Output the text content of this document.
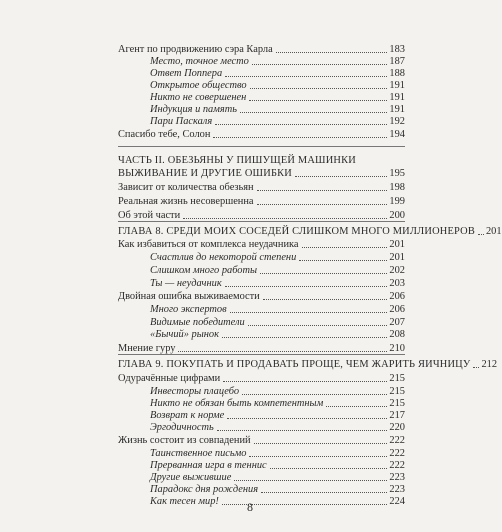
Агент по продвижению сэра Карла	183
Место, точное место	187
Ответ Поппера	188
Открытое общество	191
Никто не совершенен	191
Индукция и память	191
Пари Паскаля	192
Спасибо тебе, Солон	194
ЧАСТЬ II. ОБЕЗЬЯНЫ У ПИШУЩЕЙ МАШИНКИ
ВЫЖИВАНИЕ И ДРУГИЕ ОШИБКИ	195
Зависит от количества обезьян	198
Реальная жизнь несовершенна	199
Об этой части	200
ГЛАВА 8. СРЕДИ МОИХ СОСЕДЕЙ СЛИШКОМ МНОГО МИЛЛИОНЕРОВ 201
Как избавиться от комплекса неудачника	201
Счастлив до некоторой степени	201
Слишком много работы	202
Ты — неудачник	203
Двойная ошибка выживаемости	206
Много экспертов	206
Видимые победители	207
«Бычий» рынок	208
Мнение гуру	210
ГЛАВА 9. ПОКУПАТЬ И ПРОДАВАТЬ ПРОЩЕ, ЧЕМ ЖАРИТЬ ЯИЧНИЦУ 212
Одурачённые цифрами	215
Инвесторы плацебо	215
Никто не обязан быть компетентным	215
Возврат к норме	217
Эргодичность	220
Жизнь состоит из совпадений	222
Таинственное письмо	222
Прерванная игра в теннис	222
Другие выжившие	223
Парадокс дня рождения	223
Как тесен мир!	224
8
